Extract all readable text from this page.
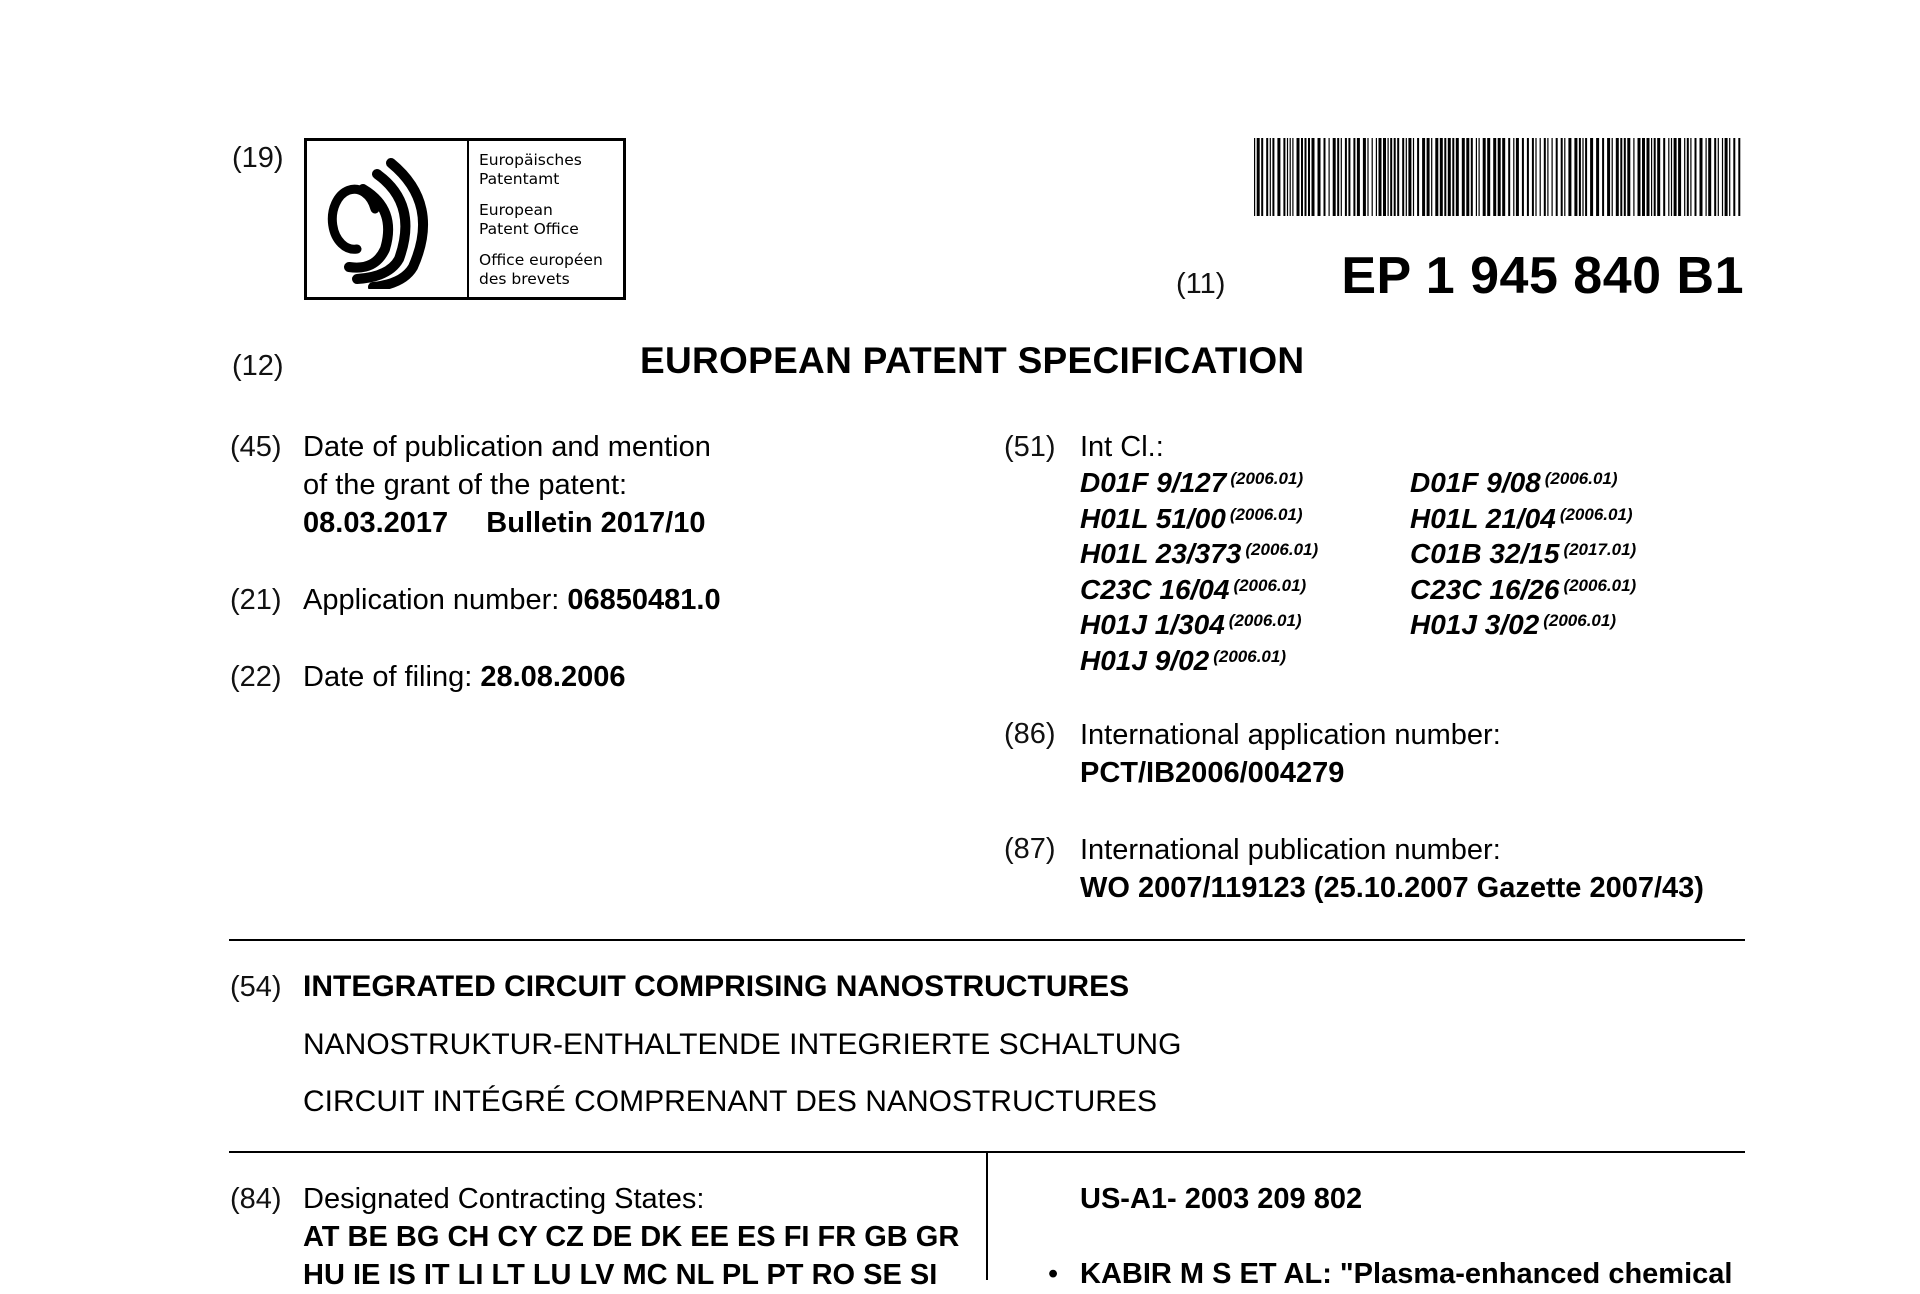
(19)	Europäisches
Patentamt
European
Patent Office
Office européen
des brevets	(11) EP 1 945 840 B1
(12)	EUROPEAN PATENT SPECIFICATION
(45) Date of publication and mention
of the grant of the patent:
08.03.2017 Bulletin 2017/10
(21) Application number: 06850481.0
(22) Date of filing: 28.08.2006
(51) Int Cl.:
D01F 9/127 $^{(2006.01)}$	D01F 9/08 $^{(2006.01)}$
H01L 51/00 $^{(2006.01)}$	H01L 21/04 $^{(2006.01)}$
H01L 23/373 $^{(2006.01)}$	C01B 32/15 $^{(2017.01)}$
C23C 16/04 $^{(2006.01)}$	C23C 16/26 $^{(2006.01)}$
H01J 1/304 $^{(2006.01)}$	H01J 3/02 $^{(2006.01)}$
H01J 9/02 $^{(2006.01)}$
(86) International application number:
PCT/IB2006/004279
(87) International publication number:
WO 2007/119123 (25.10.2007 Gazette 2007/43)
(54) INTEGRATED CIRCUIT COMPRISING NANOSTRUCTURES
NANOSTRUKTUR-ENTHALTENDE INTEGRIERTE SCHALTUNG
CIRCUIT INTÉGRÉ COMPRENANT DES NANOSTRUCTURES
(84) Designated Contracting States:
AT BE BG CH CY CZ DE DK EE ES FI FR GB GR
HU IE IS IT LI LT LU LV MC NL PL PT RO SE SI
US-A1- 2003 209 802
• KABIR M S ET AL: "Plasma-enhanced chemical
